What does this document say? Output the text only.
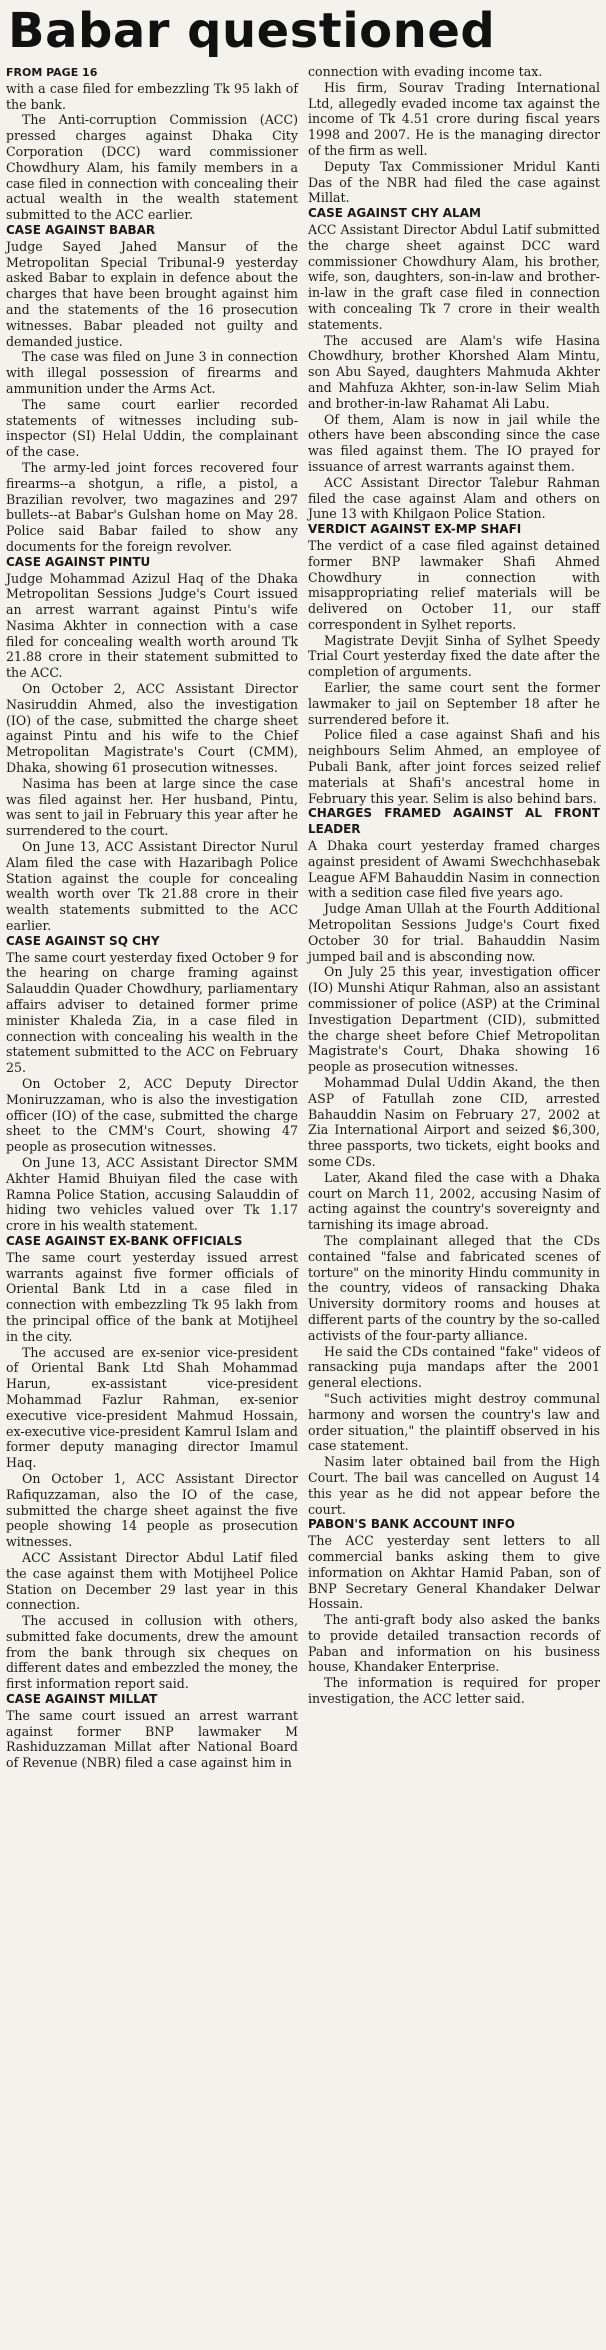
Babar questioned

FROM PAGE 16
with a case filed for embezzling Tk 95 lakh of the bank.

The Anti-corruption Commission (ACC) pressed charges against Dhaka City Corporation (DCC) ward commissioner Chowdhury Alam, his family members in a case filed in connection with concealing their actual wealth in the wealth statement submitted to the ACC earlier.

CASE AGAINST BABAR

Judge Sayed Jahed Mansur of the Metropolitan Special Tribunal-9 yesterday asked Babar to explain in defence about the charges that have been brought against him and the statements of the 16 prosecution witnesses. Babar pleaded not guilty and demanded justice.

The case was filed on June 3 in connection with illegal possession of firearms and ammunition under the Arms Act.

The same court earlier recorded statements of witnesses including sub-inspector (SI) Helal Uddin, the complainant of the case.

The army-led joint forces recovered four firearms--a shotgun, a rifle, a pistol, a Brazilian revolver, two magazines and 297 bullets--at Babar's Gulshan home on May 28. Police said Babar failed to show any documents for the foreign revolver.

CASE AGAINST PINTU

Judge Mohammad Azizul Haq of the Dhaka Metropolitan Sessions Judge's Court issued an arrest warrant against Pintu's wife Nasima Akhter in connection with a case filed for concealing wealth worth around Tk 21.88 crore in their statement submitted to the ACC.

On October 2, ACC Assistant Director Nasiruddin Ahmed, also the investigation (IO) of the case, submitted the charge sheet against Pintu and his wife to the Chief Metropolitan Magistrate's Court (CMM), Dhaka, showing 61 prosecution witnesses.

Nasima has been at large since the case was filed against her. Her husband, Pintu, was sent to jail in February this year after he surrendered to the court.

On June 13, ACC Assistant Director Nurul Alam filed the case with Hazaribagh Police Station against the couple for concealing wealth worth over Tk 21.88 crore in their wealth statements submitted to the ACC earlier.

CASE AGAINST SQ CHY

The same court yesterday fixed October 9 for the hearing on charge framing against Salauddin Quader Chowdhury, parliamentary affairs adviser to detained former prime minister Khaleda Zia, in a case filed in connection with concealing his wealth in the statement submitted to the ACC on February 25.

On October 2, ACC Deputy Director Moniruzzaman, who is also the investigation officer (IO) of the case, submitted the charge sheet to the CMM's Court, showing 47 people as prosecution witnesses.

On June 13, ACC Assistant Director SMM Akhter Hamid Bhuiyan filed the case with Ramna Police Station, accusing Salauddin of hiding two vehicles valued over Tk 1.17 crore in his wealth statement.

CASE AGAINST EX-BANK OFFICIALS

The same court yesterday issued arrest warrants against five former officials of Oriental Bank Ltd in a case filed in connection with embezzling Tk 95 lakh from the principal office of the bank at Motijheel in the city.

The accused are ex-senior vice-president of Oriental Bank Ltd Shah Mohammad Harun, ex-assistant vice-president Mohammad Fazlur Rahman, ex-senior executive vice-president Mahmud Hossain, ex-executive vice-president Kamrul Islam and former deputy managing director Imamul Haq.

On October 1, ACC Assistant Director Rafiquzzaman, also the IO of the case, submitted the charge sheet against the five people showing 14 people as prosecution witnesses.

ACC Assistant Director Abdul Latif filed the case against them with Motijheel Police Station on December 29 last year in this connection.

The accused in collusion with others, submitted fake documents, drew the amount from the bank through six cheques on different dates and embezzled the money, the first information report said.

CASE AGAINST MILLAT

The same court issued an arrest warrant against former BNP lawmaker M Rashiduzzaman Millat after National Board of Revenue (NBR) filed a case against him in

connection with evading income tax.

His firm, Sourav Trading International Ltd, allegedly evaded income tax against the income of Tk 4.51 crore during fiscal years 1998 and 2007. He is the managing director of the firm as well.

Deputy Tax Commissioner Mridul Kanti Das of the NBR had filed the case against Millat.

CASE AGAINST CHY ALAM

ACC Assistant Director Abdul Latif submitted the charge sheet against DCC ward commissioner Chowdhury Alam, his brother, wife, son, daughters, son-in-law and brother-in-law in the graft case filed in connection with concealing Tk 7 crore in their wealth statements.

The accused are Alam's wife Hasina Chowdhury, brother Khorshed Alam Mintu, son Abu Sayed, daughters Mahmuda Akhter and Mahfuza Akhter, son-in-law Selim Miah and brother-in-law Rahamat Ali Labu.

Of them, Alam is now in jail while the others have been absconding since the case was filed against them. The IO prayed for issuance of arrest warrants against them.

ACC Assistant Director Talebur Rahman filed the case against Alam and others on June 13 with Khilgaon Police Station.

VERDICT AGAINST EX-MP SHAFI

The verdict of a case filed against detained former BNP lawmaker Shafi Ahmed Chowdhury in connection with misappropriating relief materials will be delivered on October 11, our staff correspondent in Sylhet reports.

Magistrate Devjit Sinha of Sylhet Speedy Trial Court yesterday fixed the date after the completion of arguments.

Earlier, the same court sent the former lawmaker to jail on September 18 after he surrendered before it.

Police filed a case against Shafi and his neighbours Selim Ahmed, an employee of Pubali Bank, after joint forces seized relief materials at Shafi's ancestral home in February this year. Selim is also behind bars.

CHARGES FRAMED AGAINST AL FRONT LEADER

A Dhaka court yesterday framed charges against president of Awami Swechchhasebak League AFM Bahauddin Nasim in connection with a sedition case filed five years ago.

Judge Aman Ullah at the Fourth Additional Metropolitan Sessions Judge's Court fixed October 30 for trial. Bahauddin Nasim jumped bail and is absconding now.

On July 25 this year, investigation officer (IO) Munshi Atiqur Rahman, also an assistant commissioner of police (ASP) at the Criminal Investigation Department (CID), submitted the charge sheet before Chief Metropolitan Magistrate's Court, Dhaka showing 16 people as prosecution witnesses.

Mohammad Dulal Uddin Akand, the then ASP of Fatullah zone CID, arrested Bahauddin Nasim on February 27, 2002 at Zia International Airport and seized $6,300, three passports, two tickets, eight books and some CDs.

Later, Akand filed the case with a Dhaka court on March 11, 2002, accusing Nasim of acting against the country's sovereignty and tarnishing its image abroad.

The complainant alleged that the CDs contained "false and fabricated scenes of torture" on the minority Hindu community in the country, videos of ransacking Dhaka University dormitory rooms and houses at different parts of the country by the so-called activists of the four-party alliance.

He said the CDs contained "fake" videos of ransacking puja mandaps after the 2001 general elections.

"Such activities might destroy communal harmony and worsen the country's law and order situation," the plaintiff observed in his case statement.

Nasim later obtained bail from the High Court. The bail was cancelled on August 14 this year as he did not appear before the court.

PABON'S BANK ACCOUNT INFO

The ACC yesterday sent letters to all commercial banks asking them to give information on Akhtar Hamid Paban, son of BNP Secretary General Khandaker Delwar Hossain.

The anti-graft body also asked the banks to provide detailed transaction records of Paban and information on his business house, Khandaker Enterprise.

The information is required for proper investigation, the ACC letter said.
